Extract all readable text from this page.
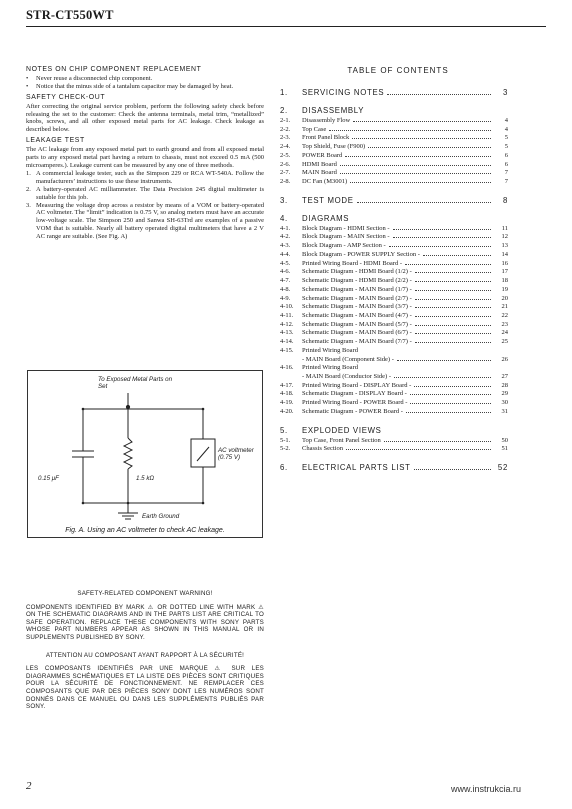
STR-CT550WT
NOTES ON CHIP COMPONENT REPLACEMENT
• Never reuse a disconnected chip component.
• Notice that the minus side of a tantalum capacitor may be damaged by heat.
SAFETY CHECK-OUT

After correcting the original service problem, perform the following safety check before releasing the set to the customer: Check the antenna terminals, metal trim, “metallized” knobs, screws, and all other exposed metal parts for AC leakage. Check leakage as described below.

LEAKAGE TEST

The AC leakage from any exposed metal part to earth ground and from all exposed metal parts to any exposed metal part having a return to chassis, must not exceed 0.5 mA (500 microamperes.). Leakage current can be measured by any one of three methods.

1. A commercial leakage tester, such as the Simpson 229 or RCA WT-540A. Follow the manufacturers’ instructions to use these instruments.
2. A battery-operated AC milliammeter. The Data Precision 245 digital multimeter is suitable for this job.
3. Measuring the voltage drop across a resistor by means of a VOM or battery-operated AC voltmeter. The “limit” indication is 0.75 V, so analog meters must have an accurate low-voltage scale. The Simpson 250 and Sanwa SH-63Trd are examples of a passive VOM that is suitable. Nearly all battery operated digital multimeters that have a 2 V AC range are suitable. (See Fig. A)
To Exposed Metal Parts on Set
0.15 μF	1.5 kΩ
AC voltmeter (0.75 V)
Earth Ground
Fig. A. Using an AC voltmeter to check AC leakage.
TABLE OF CONTENTS
1.	SERVICING NOTES	3
2.	DISASSEMBLY
2-1.	Disassembly Flow	4
2-2.	Top Case	4
2-3.	Front Panel Block	5
2-4.	Top Shield, Fuse (F900)	5
2-5.	POWER Board	6
2-6.	HDMI Board	6
2-7.	MAIN Board	7
2-8.	DC Fan (M3001)	7
3.	TEST MODE	8
4.	DIAGRAMS
4-1.	Block Diagram - HDMI Section -	11
4-2.	Block Diagram - MAIN Section -	12
4-3.	Block Diagram - AMP Section -	13
4-4.	Block Diagram - POWER SUPPLY Section -	14
4-5.	Printed Wiring Board - HDMI Board -	16
4-6.	Schematic Diagram - HDMI Board (1/2) -	17
4-7.	Schematic Diagram - HDMI Board (2/2) -	18
4-8.	Schematic Diagram - MAIN Board (1/7) -	19
4-9.	Schematic Diagram - MAIN Board (2/7) -	20
4-10.	Schematic Diagram - MAIN Board (3/7) -	21
4-11.	Schematic Diagram - MAIN Board (4/7) -	22
4-12.	Schematic Diagram - MAIN Board (5/7) -	23
4-13.	Schematic Diagram - MAIN Board (6/7) -	24
4-14.	Schematic Diagram - MAIN Board (7/7) -	25
4-15.	Printed Wiring Board
- MAIN Board (Component Side) -	26
4-16.	Printed Wiring Board
- MAIN Board (Conductor Side) -	27
4-17.	Printed Wiring Board - DISPLAY Board -	28
4-18.	Schematic Diagram - DISPLAY Board -	29
4-19.	Printed Wiring Board - POWER Board -	30
4-20.	Schematic Diagram - POWER Board -	31
5.	EXPLODED VIEWS
5-1.	Top Case, Front Panel Section	50
5-2.	Chassis Section	51
6.	ELECTRICAL PARTS LIST	52
SAFETY-RELATED COMPONENT WARNING!
COMPONENTS IDENTIFIED BY MARK ⚠ OR DOTTED LINE WITH MARK ⚠ ON THE SCHEMATIC DIAGRAMS AND IN THE PARTS LIST ARE CRITICAL TO SAFE OPERATION. REPLACE THESE COMPONENTS WITH SONY PARTS WHOSE PART NUMBERS APPEAR AS SHOWN IN THIS MANUAL OR IN SUPPLEMENTS PUBLISHED BY SONY.
ATTENTION AU COMPOSANT AYANT RAPPORT À LA SÉCURITÉ!
LES COMPOSANTS IDENTIFIÉS PAR UNE MARQUE ⚠ SUR LES DIAGRAMMES SCHÉMATIQUES ET LA LISTE DES PIÈCES SONT CRITIQUES POUR LA SÉCURITÉ DE FONCTIONNEMENT. NE REMPLACER CES COMPOSANTS QUE PAR DES PIÈCES SONY DONT LES NUMÉROS SONT DONNÉS DANS CE MANUEL OU DANS LES SUPPLÉMENTS PUBLIÉS PAR SONY.
2	www.instrukcia.ru
